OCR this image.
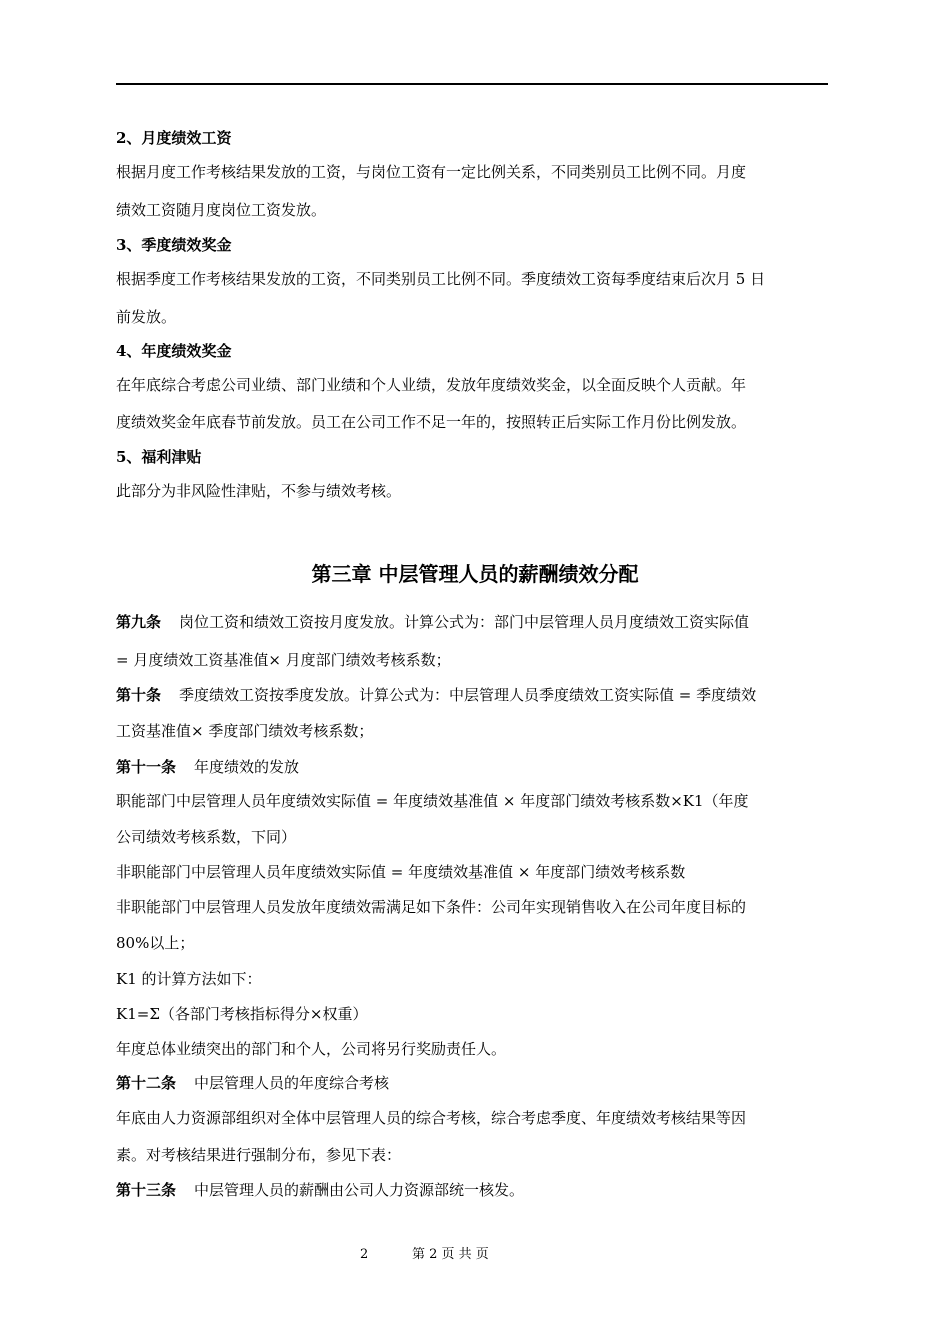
2、月度绩效工资
根据月度工作考核结果发放的工资，与岗位工资有一定比例关系，不同类别员工比例不同。月度
绩效工资随月度岗位工资发放。
3、季度绩效奖金
根据季度工作考核结果发放的工资，不同类别员工比例不同。季度绩效工资每季度结束后次月 5 日
前发放。
4、年度绩效奖金
在年底综合考虑公司业绩、部门业绩和个人业绩，发放年度绩效奖金，以全面反映个人贡献。年
度绩效奖金年底春节前发放。员工在公司工作不足一年的，按照转正后实际工作月份比例发放。
5、福利津贴
此部分为非风险性津贴，不参与绩效考核。
第三章 中层管理人员的薪酬绩效分配
第九条 岗位工资和绩效工资按月度发放。计算公式为：部门中层管理人员月度绩效工资实际值
= 月度绩效工资基准值× 月度部门绩效考核系数；
第十条 季度绩效工资按季度发放。计算公式为：中层管理人员季度绩效工资实际值 = 季度绩效
工资基准值× 季度部门绩效考核系数；
第十一条 年度绩效的发放
职能部门中层管理人员年度绩效实际值 = 年度绩效基准值 × 年度部门绩效考核系数×K1（年度
公司绩效考核系数，下同）
非职能部门中层管理人员年度绩效实际值 = 年度绩效基准值 × 年度部门绩效考核系数
非职能部门中层管理人员发放年度绩效需满足如下条件：公司年实现销售收入在公司年度目标的
80%以上；
K1 的计算方法如下：
K1=Σ（各部门考核指标得分×权重）
年度总体业绩突出的部门和个人，公司将另行奖励责任人。
第十二条 中层管理人员的年度综合考核
年底由人力资源部组织对全体中层管理人员的综合考核，综合考虑季度、年度绩效考核结果等因
素。对考核结果进行强制分布，参见下表：
第十三条 中层管理人员的薪酬由公司人力资源部统一核发。
2	第 2 页 共 页
